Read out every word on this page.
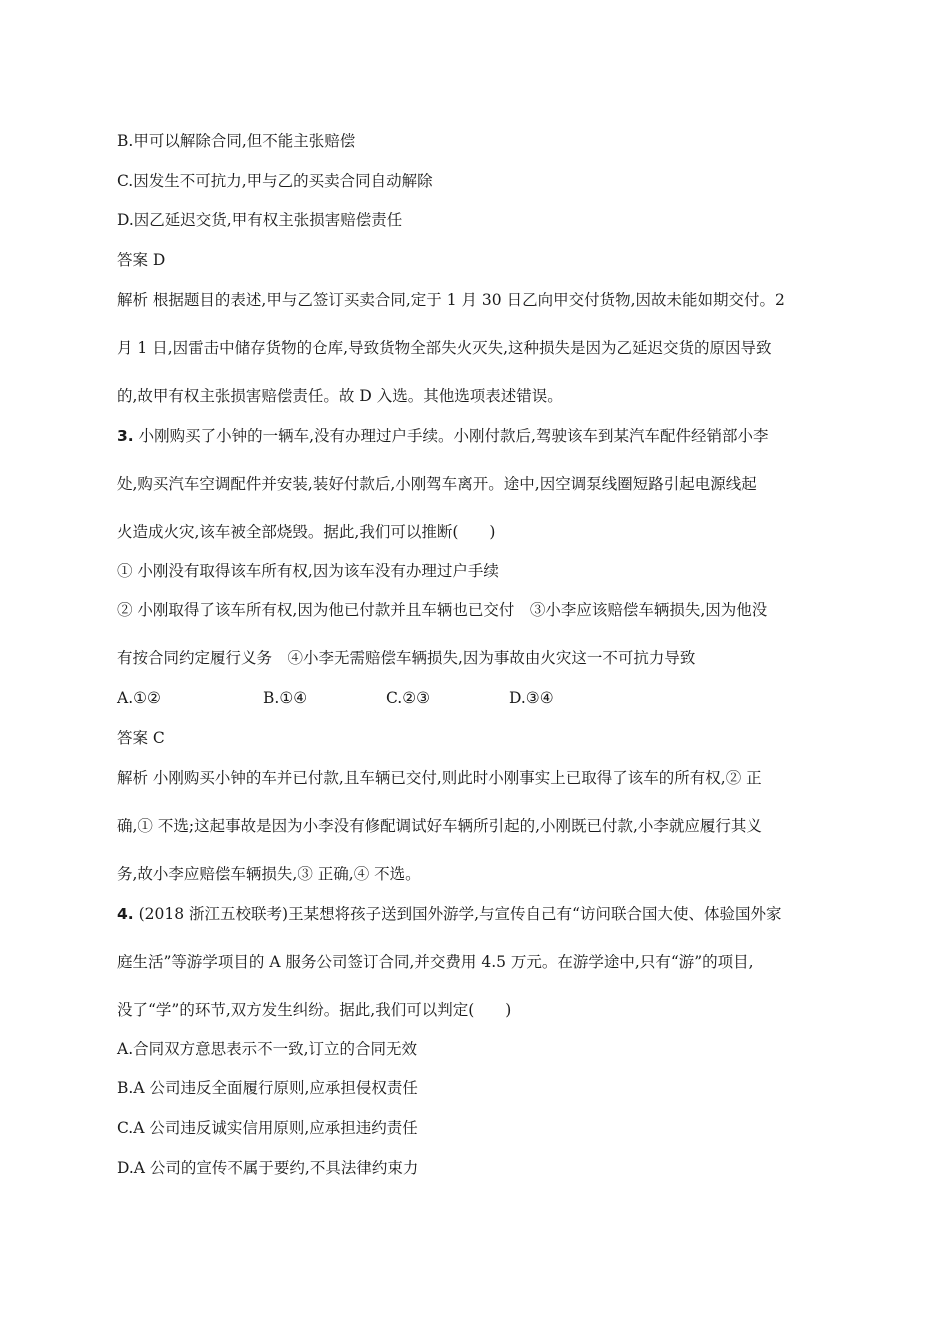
B.甲可以解除合同,但不能主张赔偿
C.因发生不可抗力,甲与乙的买卖合同自动解除
D.因乙延迟交货,甲有权主张损害赔偿责任
答案 D
解析 根据题目的表述,甲与乙签订买卖合同,定于 1 月 30 日乙向甲交付货物,因故未能如期交付。2
月 1 日,因雷击中储存货物的仓库,导致货物全部失火灭失,这种损失是因为乙延迟交货的原因导致
的,故甲有权主张损害赔偿责任。故 D 入选。其他选项表述错误。
3. 小刚购买了小钟的一辆车,没有办理过户手续。小刚付款后,驾驶该车到某汽车配件经销部小李
处,购买汽车空调配件并安装,装好付款后,小刚驾车离开。途中,因空调泵线圈短路引起电源线起
火造成火灾,该车被全部烧毁。据此,我们可以推断(　　)
① 小刚没有取得该车所有权,因为该车没有办理过户手续
② 小刚取得了该车所有权,因为他已付款并且车辆也已交付　③小李应该赔偿车辆损失,因为他没
有按合同约定履行义务　④小李无需赔偿车辆损失,因为事故由火灾这一不可抗力导致
A.①②	B.①④	C.②③	D.③④
答案 C
解析 小刚购买小钟的车并已付款,且车辆已交付,则此时小刚事实上已取得了该车的所有权,② 正
确,① 不选;这起事故是因为小李没有修配调试好车辆所引起的,小刚既已付款,小李就应履行其义
务,故小李应赔偿车辆损失,③ 正确,④ 不选。
4. (2018 浙江五校联考)王某想将孩子送到国外游学,与宣传自己有“访问联合国大使、体验国外家
庭生活”等游学项目的 A 服务公司签订合同,并交费用 4.5 万元。在游学途中,只有“游”的项目,
没了“学”的环节,双方发生纠纷。据此,我们可以判定(　　)
A.合同双方意思表示不一致,订立的合同无效
B.A 公司违反全面履行原则,应承担侵权责任
C.A 公司违反诚实信用原则,应承担违约责任
D.A 公司的宣传不属于要约,不具法律约束力
